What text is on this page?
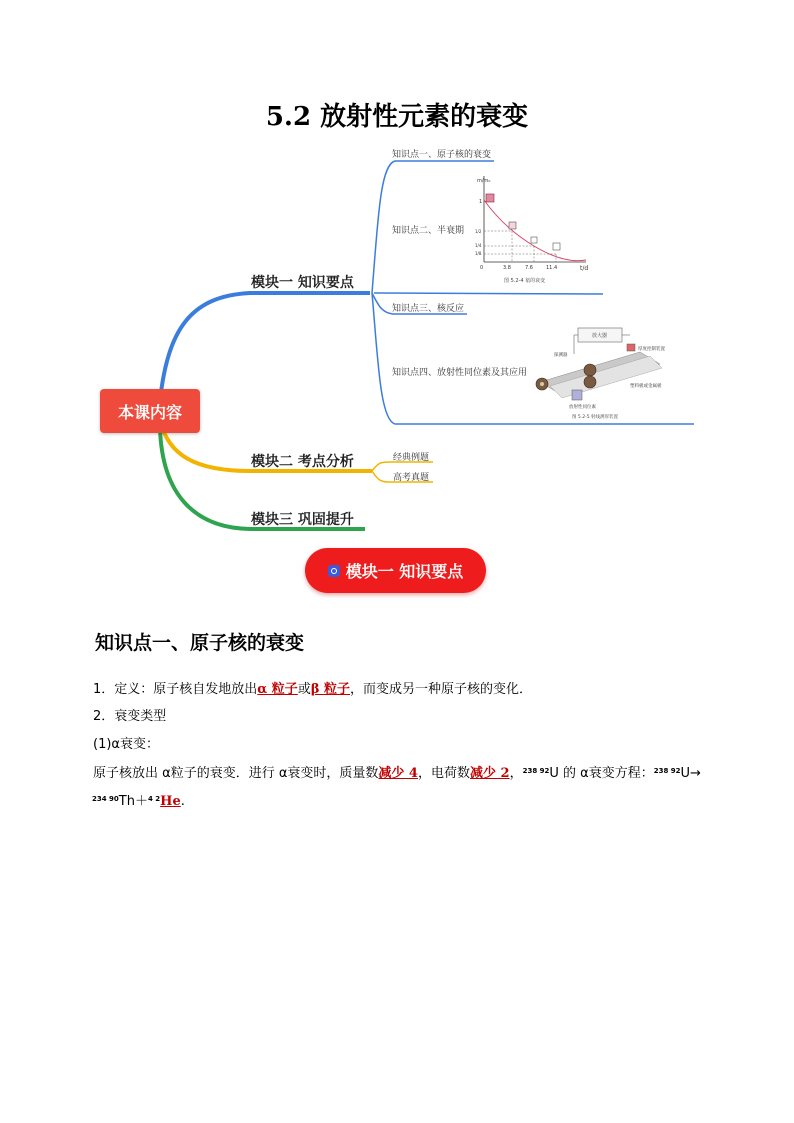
5.2 放射性元素的衰变
本课内容
模块一 知识要点
模块二 考点分析
模块三 巩固提升
知识点一、原子核的衰变
知识点二、半衰期
知识点三、核反应
知识点四、放射性同位素及其应用
经典例题
高考真题
m/m₀
t/d
0	3.8	7.6	11.4
1
1/2
1/4
1/8
图 5.2-4 氡的衰变
放大器
厚度控制装置
探测器
放射性同位素
塑料板或金属板
图 5.2-5 射线测厚装置
模块一 知识要点
知识点一、原子核的衰变
1．定义：原子核自发地放出α 粒子或β 粒子，而变成另一种原子核的变化．
2．衰变类型
(1)α衰变：
原子核放出 α粒子的衰变．进行 α衰变时，质量数减少 4，电荷数减少 2，$^{238 92}$U 的 α衰变方程：$^{238 92}$U→
$^{234 90}$Th＋$^{4 2}$He.
